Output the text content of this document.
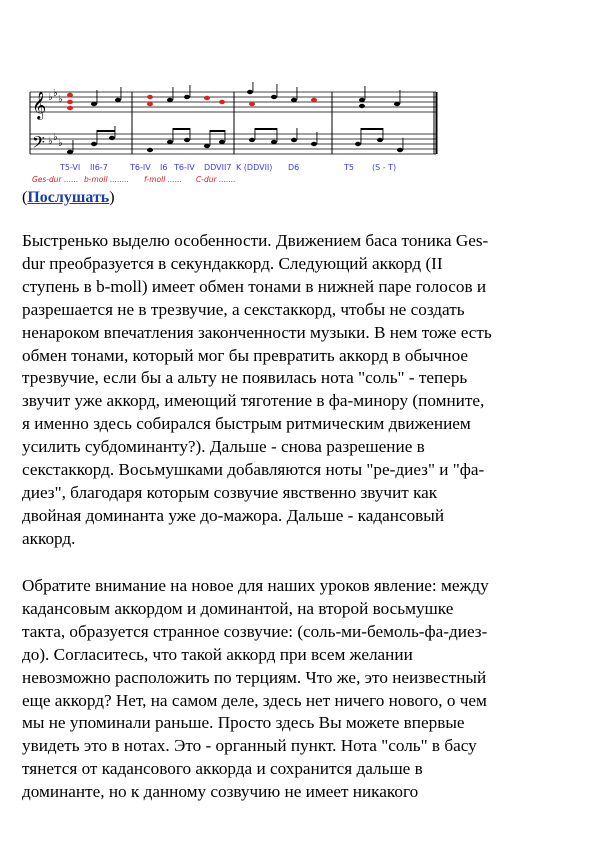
𝄞
𝄢
♭ ♭
♭
♭ ♭
♭
T5-VI II6-7	T6-IV I6 T6-IV DDVII7 K (DDVII) D6	T5 (S - T)
Ges-dur ...... b-moll ........ f-moll ...... C-dur .......
(Послушать)

Быстренько выделю особенности. Движением баса тоника Ges-
dur преобразуется в секундаккорд. Следующий аккорд (II
ступень в b-moll) имеет обмен тонами в нижней паре голосов и
разрешается не в трезвучие, а секстаккорд, чтобы не создать
ненароком впечатления законченности музыки. В нем тоже есть
обмен тонами, который мог бы превратить аккорд в обычное
трезвучие, если бы а альту не появилась нота "соль" - теперь
звучит уже аккорд, имеющий тяготение в фа-минору (помните,
я именно здесь собирался быстрым ритмическим движением
усилить субдоминанту?). Дальше - снова разрешение в
секстаккорд. Восьмушками добавляются ноты "ре-диез" и "фа-
диез", благодаря которым созвучие явственно звучит как
двойная доминанта уже до-мажора. Дальше - кадансовый
аккорд.

Обратите внимание на новое для наших уроков явление: между
кадансовым аккордом и доминантой, на второй восьмушке
такта, образуется странное созвучие: (соль-ми-бемоль-фа-диез-
до). Согласитесь, что такой аккорд при всем желании
невозможно расположить по терциям. Что же, это неизвестный
еще аккорд? Нет, на самом деле, здесь нет ничего нового, о чем
мы не упоминали раньше. Просто здесь Вы можете впервые
увидеть это в нотах. Это - органный пункт. Нота "соль" в басу
тянется от кадансового аккорда и сохранится дальше в
доминанте, но к данному созвучию не имеет никакого
